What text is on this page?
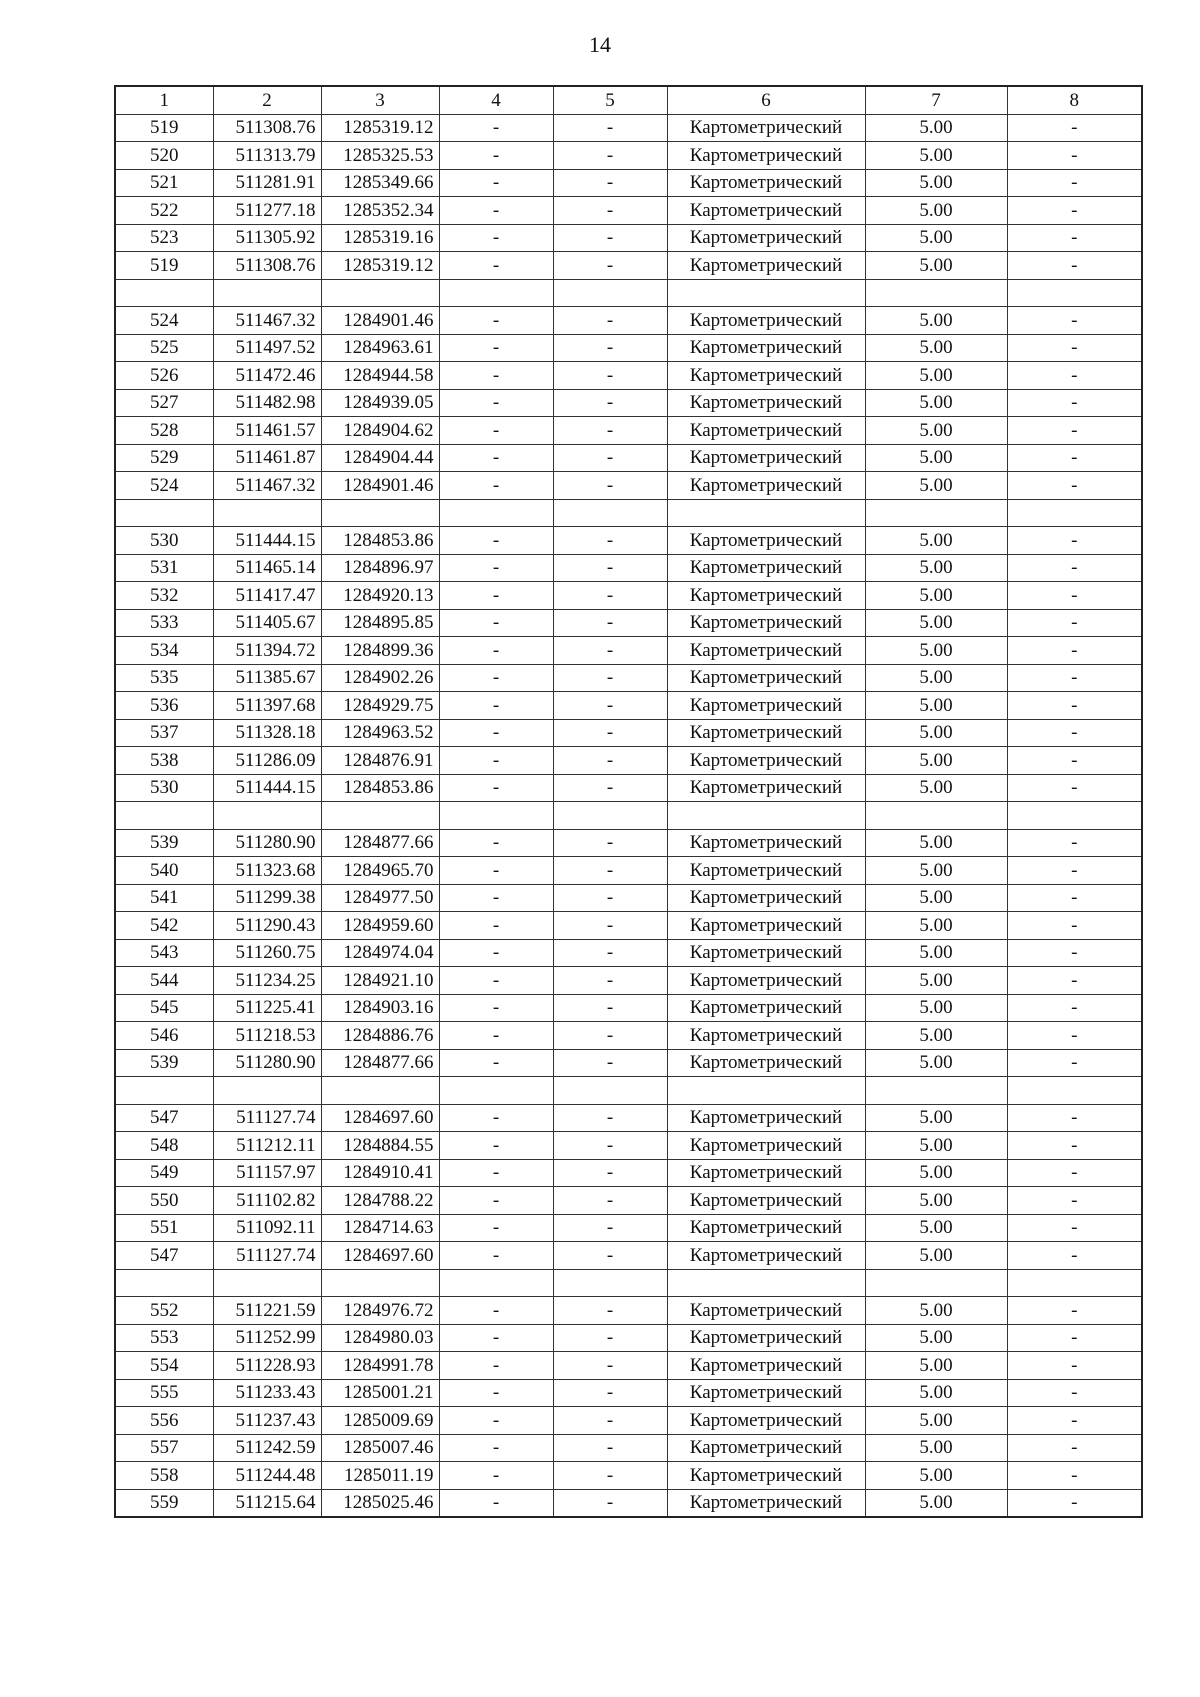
14
1	2	3	4	5	6	7	8
519	511308.76	1285319.12	-	-	Картометрический	5.00	-
520	511313.79	1285325.53	-	-	Картометрический	5.00	-
521	511281.91	1285349.66	-	-	Картометрический	5.00	-
522	511277.18	1285352.34	-	-	Картометрический	5.00	-
523	511305.92	1285319.16	-	-	Картометрический	5.00	-
519	511308.76	1285319.12	-	-	Картометрический	5.00	-

524	511467.32	1284901.46	-	-	Картометрический	5.00	-
525	511497.52	1284963.61	-	-	Картометрический	5.00	-
526	511472.46	1284944.58	-	-	Картометрический	5.00	-
527	511482.98	1284939.05	-	-	Картометрический	5.00	-
528	511461.57	1284904.62	-	-	Картометрический	5.00	-
529	511461.87	1284904.44	-	-	Картометрический	5.00	-
524	511467.32	1284901.46	-	-	Картометрический	5.00	-

530	511444.15	1284853.86	-	-	Картометрический	5.00	-
531	511465.14	1284896.97	-	-	Картометрический	5.00	-
532	511417.47	1284920.13	-	-	Картометрический	5.00	-
533	511405.67	1284895.85	-	-	Картометрический	5.00	-
534	511394.72	1284899.36	-	-	Картометрический	5.00	-
535	511385.67	1284902.26	-	-	Картометрический	5.00	-
536	511397.68	1284929.75	-	-	Картометрический	5.00	-
537	511328.18	1284963.52	-	-	Картометрический	5.00	-
538	511286.09	1284876.91	-	-	Картометрический	5.00	-
530	511444.15	1284853.86	-	-	Картометрический	5.00	-

539	511280.90	1284877.66	-	-	Картометрический	5.00	-
540	511323.68	1284965.70	-	-	Картометрический	5.00	-
541	511299.38	1284977.50	-	-	Картометрический	5.00	-
542	511290.43	1284959.60	-	-	Картометрический	5.00	-
543	511260.75	1284974.04	-	-	Картометрический	5.00	-
544	511234.25	1284921.10	-	-	Картометрический	5.00	-
545	511225.41	1284903.16	-	-	Картометрический	5.00	-
546	511218.53	1284886.76	-	-	Картометрический	5.00	-
539	511280.90	1284877.66	-	-	Картометрический	5.00	-

547	511127.74	1284697.60	-	-	Картометрический	5.00	-
548	511212.11	1284884.55	-	-	Картометрический	5.00	-
549	511157.97	1284910.41	-	-	Картометрический	5.00	-
550	511102.82	1284788.22	-	-	Картометрический	5.00	-
551	511092.11	1284714.63	-	-	Картометрический	5.00	-
547	511127.74	1284697.60	-	-	Картометрический	5.00	-

552	511221.59	1284976.72	-	-	Картометрический	5.00	-
553	511252.99	1284980.03	-	-	Картометрический	5.00	-
554	511228.93	1284991.78	-	-	Картометрический	5.00	-
555	511233.43	1285001.21	-	-	Картометрический	5.00	-
556	511237.43	1285009.69	-	-	Картометрический	5.00	-
557	511242.59	1285007.46	-	-	Картометрический	5.00	-
558	511244.48	1285011.19	-	-	Картометрический	5.00	-
559	511215.64	1285025.46	-	-	Картометрический	5.00	-
